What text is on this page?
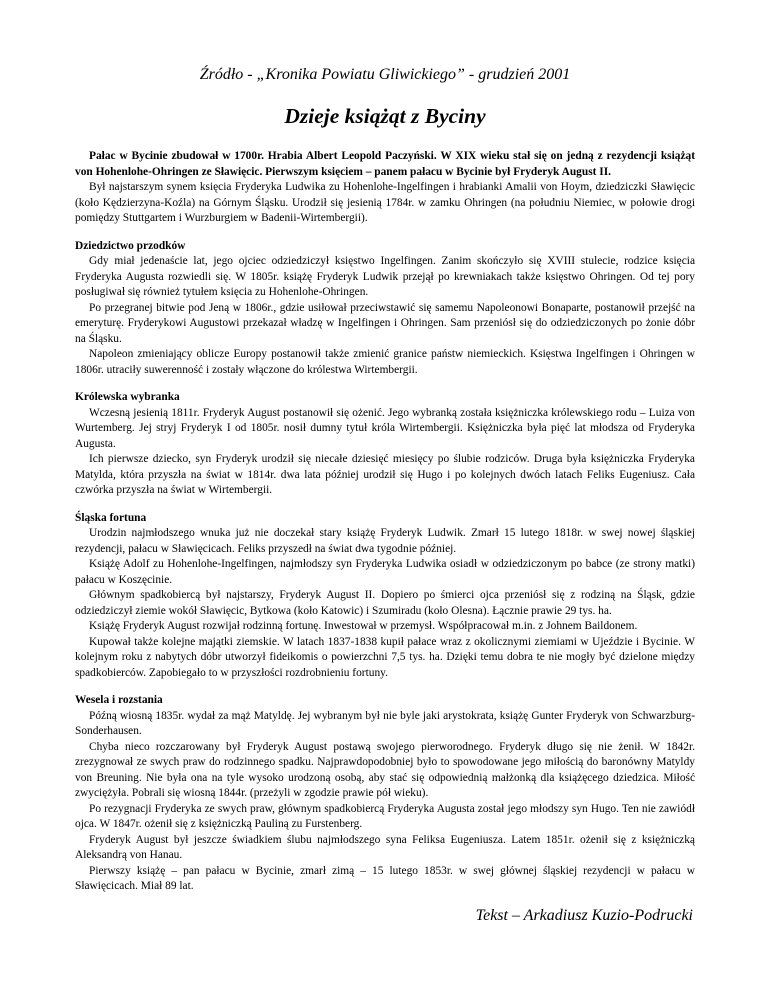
Źródło - „Kronika Powiatu Gliwickiego” - grudzień 2001

Dzieje książąt z Byciny

Pałac w Bycinie zbudował w 1700r. Hrabia Albert Leopold Paczyński. W XIX wieku stał się on jedną z rezydencji książąt von Hohenlohe-Ohringen ze Sławięcic. Pierwszym księciem – panem pałacu w Bycinie był Fryderyk August II.

Był najstarszym synem księcia Fryderyka Ludwika zu Hohenlohe-Ingelfingen i hrabianki Amalii von Hoym, dziedziczki Sławięcic (koło Kędzierzyna-Koźla) na Górnym Śląsku. Urodził się jesienią 1784r. w zamku Ohringen (na południu Niemiec, w połowie drogi pomiędzy Stuttgartem i Wurzburgiem w Badenii-Wirtembergii).

Dziedzictwo przodków

Gdy miał jedenaście lat, jego ojciec odziedziczył księstwo Ingelfingen. Zanim skończyło się XVIII stulecie, rodzice księcia Fryderyka Augusta rozwiedli się. W 1805r. książę Fryderyk Ludwik przejął po krewniakach także księstwo Ohringen. Od tej pory posługiwał się również tytułem księcia zu Hohenlohe-Ohringen.

Po przegranej bitwie pod Jeną w 1806r., gdzie usiłował przeciwstawić się samemu Napoleonowi Bonaparte, postanowił przejść na emeryturę. Fryderykowi Augustowi przekazał władzę w Ingelfingen i Ohringen. Sam przeniósł się do odziedziczonych po żonie dóbr na Śląsku.

Napoleon zmieniający oblicze Europy postanowił także zmienić granice państw niemieckich. Księstwa Ingelfingen i Ohringen w 1806r. utraciły suwerenność i zostały włączone do królestwa Wirtembergii.

Królewska wybranka

Wczesną jesienią 1811r. Fryderyk August postanowił się ożenić. Jego wybranką została księżniczka królewskiego rodu – Luiza von Wurtemberg. Jej stryj Fryderyk I od 1805r. nosił dumny tytuł króla Wirtembergii. Księżniczka była pięć lat młodsza od Fryderyka Augusta.

Ich pierwsze dziecko, syn Fryderyk urodził się niecałe dziesięć miesięcy po ślubie rodziców. Druga była księżniczka Fryderyka Matylda, która przyszła na świat w 1814r. dwa lata później urodził się Hugo i po kolejnych dwóch latach Feliks Eugeniusz. Cała czwórka przyszła na świat w Wirtembergii.

Śląska fortuna

Urodzin najmłodszego wnuka już nie doczekał stary książę Fryderyk Ludwik. Zmarł 15 lutego 1818r. w swej nowej śląskiej rezydencji, pałacu w Sławięcicach. Feliks przyszedł na świat dwa tygodnie później.

Książę Adolf zu Hohenlohe-Ingelfingen, najmłodszy syn Fryderyka Ludwika osiadł w odziedziczonym po babce (ze strony matki) pałacu w Koszęcinie.

Głównym spadkobiercą był najstarszy, Fryderyk August II. Dopiero po śmierci ojca przeniósł się z rodziną na Śląsk, gdzie odziedziczył ziemie wokół Sławięcic, Bytkowa (koło Katowic) i Szumiradu (koło Olesna). Łącznie prawie 29 tys. ha.

Książę Fryderyk August rozwijał rodzinną fortunę. Inwestował w przemysł. Współpracował m.in. z Johnem Baildonem.

Kupował także kolejne majątki ziemskie. W latach 1837-1838 kupił pałace wraz z okolicznymi ziemiami w Ujeździe i Bycinie. W kolejnym roku z nabytych dóbr utworzył fideikomis o powierzchni 7,5 tys. ha. Dzięki temu dobra te nie mogły być dzielone między spadkobierców. Zapobiegało to w przyszłości rozdrobnieniu fortuny.

Wesela i rozstania

Późną wiosną 1835r. wydał za mąż Matyldę. Jej wybranym był nie byle jaki arystokrata, książę Gunter Fryderyk von Schwarzburg-Sonderhausen.

Chyba nieco rozczarowany był Fryderyk August postawą swojego pierworodnego. Fryderyk długo się nie żenił. W 1842r. zrezygnował ze swych praw do rodzinnego spadku. Najprawdopodobniej było to spowodowane jego miłością do baronówny Matyldy von Breuning. Nie była ona na tyle wysoko urodzoną osobą, aby stać się odpowiednią małżonką dla książęcego dziedzica. Miłość zwyciężyła. Pobrali się wiosną 1844r. (przeżyli w zgodzie prawie pół wieku).

Po rezygnacji Fryderyka ze swych praw, głównym spadkobiercą Fryderyka Augusta został jego młodszy syn Hugo. Ten nie zawiódł ojca. W 1847r. ożenił się z księżniczką Pauliną zu Furstenberg.

Fryderyk August był jeszcze świadkiem ślubu najmłodszego syna Feliksa Eugeniusza. Latem 1851r. ożenił się z księżniczką Aleksandrą von Hanau.

Pierwszy książę – pan pałacu w Bycinie, zmarł zimą – 15 lutego 1853r. w swej głównej śląskiej rezydencji w pałacu w Sławięcicach. Miał 89 lat.

Tekst – Arkadiusz Kuzio-Podrucki
